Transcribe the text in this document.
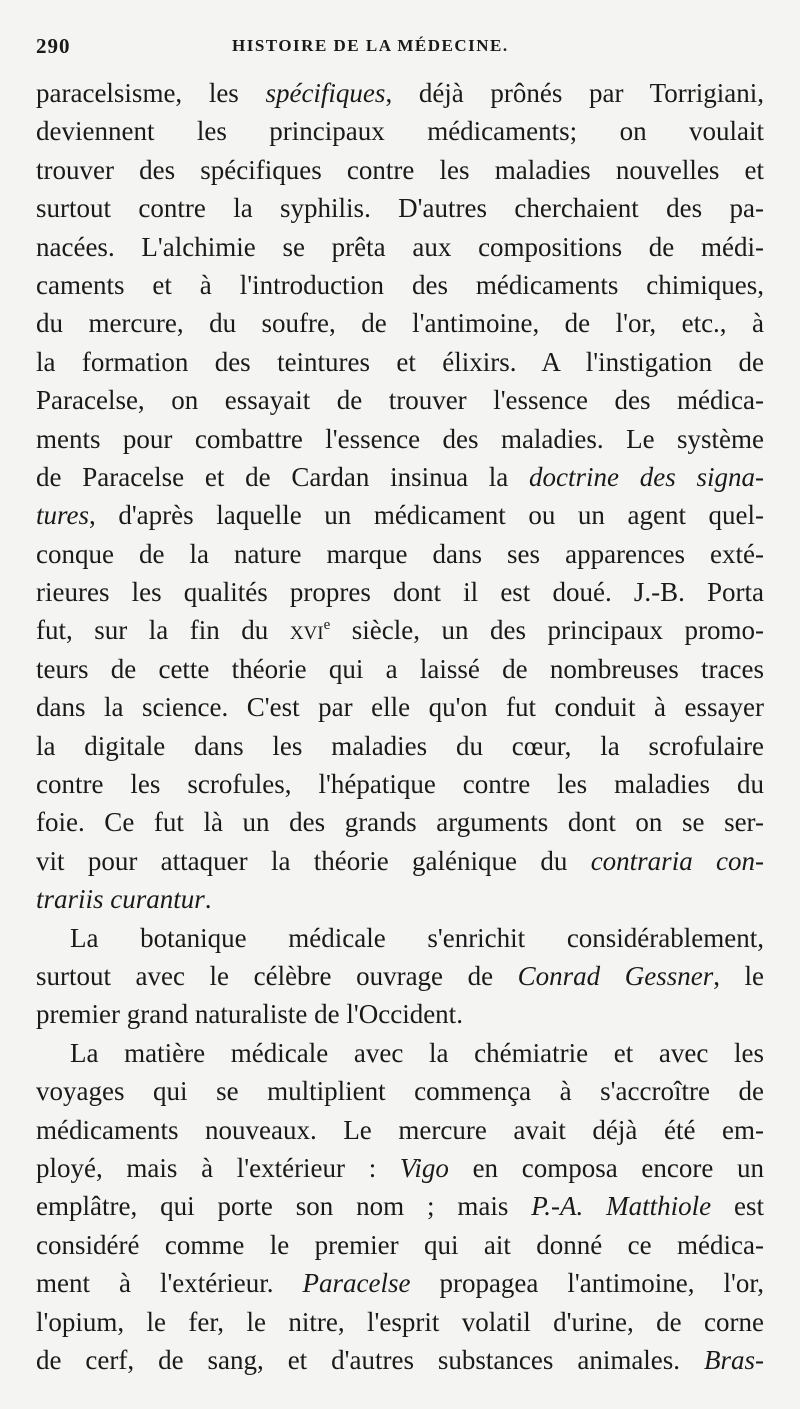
290	HISTOIRE DE LA MÉDECINE.
paracelsisme, les spécifiques, déjà prônés par Torrigiani,
deviennent les principaux médicaments; on voulait
trouver des spécifiques contre les maladies nouvelles et
surtout contre la syphilis. D'autres cherchaient des pa-
nacées. L'alchimie se prêta aux compositions de médi-
caments et à l'introduction des médicaments chimiques,
du mercure, du soufre, de l'antimoine, de l'or, etc., à
la formation des teintures et élixirs. A l'instigation de
Paracelse, on essayait de trouver l'essence des médica-
ments pour combattre l'essence des maladies. Le système
de Paracelse et de Cardan insinua la doctrine des signa-
tures, d'après laquelle un médicament ou un agent quel-
conque de la nature marque dans ses apparences exté-
rieures les qualités propres dont il est doué. J.-B. Porta
fut, sur la fin du xvi$^e$ siècle, un des principaux promo-
teurs de cette théorie qui a laissé de nombreuses traces
dans la science. C'est par elle qu'on fut conduit à essayer
la digitale dans les maladies du cœur, la scrofulaire
contre les scrofules, l'hépatique contre les maladies du
foie. Ce fut là un des grands arguments dont on se ser-
vit pour attaquer la théorie galénique du contraria con-
trariis curantur.
La botanique médicale s'enrichit considérablement,
surtout avec le célèbre ouvrage de Conrad Gessner, le
premier grand naturaliste de l'Occident.
La matière médicale avec la chémiatrie et avec les
voyages qui se multiplient commença à s'accroître de
médicaments nouveaux. Le mercure avait déjà été em-
ployé, mais à l'extérieur : Vigo en composa encore un
emplâtre, qui porte son nom ; mais P.-A. Matthiole est
considéré comme le premier qui ait donné ce médica-
ment à l'extérieur. Paracelse propagea l'antimoine, l'or,
l'opium, le fer, le nitre, l'esprit volatil d'urine, de corne
de cerf, de sang, et d'autres substances animales. Bras-
